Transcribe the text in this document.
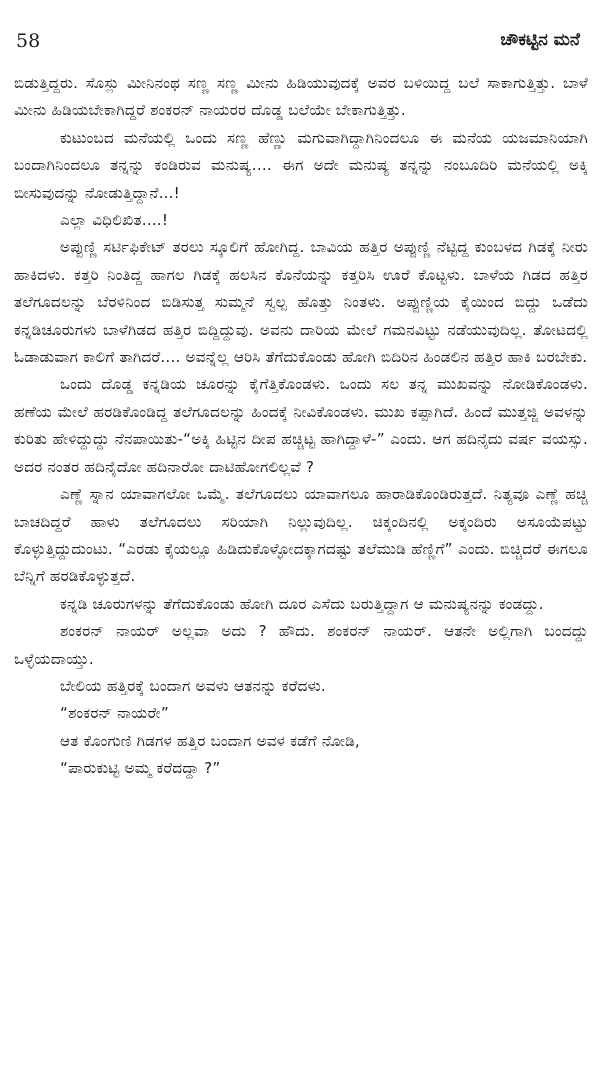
58	ಚೌಕಟ್ಟಿನ ಮನೆ

ಬಿಡುತ್ತಿದ್ದರು. ಸೊಸ್ಲು ಮೀನಿನಂಥ ಸಣ್ಣ ಸಣ್ಣ ಮೀನು ಹಿಡಿಯುವುದಕ್ಕೆ ಅವರ ಬಳಿಯಿದ್ದ ಬಲೆ ಸಾಕಾಗುತ್ತಿತ್ತು. ಬಾಳೆ ಮೀನು ಹಿಡಿಯಬೇಕಾಗಿದ್ದರೆ ಶಂಕರನ್ ನಾಯರರ ದೊಡ್ಡ ಬಲೆಯೇ ಬೇಕಾಗುತ್ತಿತ್ತು.

ಕುಟುಂಬದ ಮನೆಯಲ್ಲಿ ಒಂದು ಸಣ್ಣ ಹೆಣ್ಣು ಮಗುವಾಗಿದ್ದಾಗಿನಿಂದಲೂ ಈ ಮನೆಯ ಯಜಮಾನಿಯಾಗಿ ಬಂದಾಗಿನಿಂದಲೂ ತನ್ನನ್ನು ಕಂಡಿರುವ ಮನುಷ್ಯ.... ಈಗ ಅದೇ ಮನುಷ್ಯ ತನ್ನನ್ನು ನಂಬೂದಿರಿ ಮನೆಯಲ್ಲಿ ಅಕ್ಕಿ ಬೀಸುವುದನ್ನು ನೋಡುತ್ತಿದ್ದಾನೆ...!

ಎಲ್ಲಾ ವಿಧಿಲಿಖಿತ....!

ಅಪ್ಪುಣ್ಣಿ ಸರ್ಟಿಫಿಕೇಟ್ ತರಲು ಸ್ಕೂಲಿಗೆ ಹೋಗಿದ್ದ. ಬಾವಿಯ ಹತ್ತಿರ ಅಪ್ಪುಣ್ಣಿ ನೆಟ್ಟಿದ್ದ ಕುಂಬಳದ ಗಿಡಕ್ಕೆ ನೀರು ಹಾಕಿದಳು. ಕತ್ತರಿ ನಿಂತಿದ್ದ ಹಾಗಲ ಗಿಡಕ್ಕೆ ಹಲಸಿನ ಕೊನೆಯನ್ನು ಕತ್ತರಿಸಿ ಊರೆ ಕೊಟ್ಟಳು. ಬಾಳೆಯ ಗಿಡದ ಹತ್ತಿರ ತಲೆಗೂದಲನ್ನು ಬೆರಳಿನಿಂದ ಬಿಡಿಸುತ್ತ ಸುಮ್ಮನೆ ಸ್ವಲ್ಪ ಹೊತ್ತು ನಿಂತಳು. ಅಪ್ಪುಣ್ಣಿಯ ಕೈಯಿಂದ ಬಿದ್ದು ಒಡೆದು ಕನ್ನಡಿಚೂರುಗಳು ಬಾಳೆಗಿಡದ ಹತ್ತಿರ ಬಿದ್ದಿದ್ದುವು. ಅವನು ದಾರಿಯ ಮೇಲೆ ಗಮನವಿಟ್ಟು ನಡೆಯುವುದಿಲ್ಲ. ತೋಟದಲ್ಲಿ ಓಡಾಡುವಾಗ ಕಾಲಿಗೆ ತಾಗಿದರೆ.... ಅವನ್ನೆಲ್ಲ ಆರಿಸಿ ತೆಗೆದುಕೊಂಡು ಹೋಗಿ ಬಿದಿರಿನ ಹಿಂಡಲಿನ ಹತ್ತಿರ ಹಾಕಿ ಬರಬೇಕು.

ಒಂದು ದೊಡ್ಡ ಕನ್ನಡಿಯ ಚೂರನ್ನು ಕೈಗೆತ್ತಿಕೊಂಡಳು. ಒಂದು ಸಲ ತನ್ನ ಮುಖವನ್ನು ನೋಡಿಕೊಂಡಳು. ಹಣೆಯ ಮೇಲೆ ಹರಡಿಕೊಂಡಿದ್ದ ತಲೆಗೂದಲನ್ನು ಹಿಂದಕ್ಕೆ ನೀವಿಕೊಂಡಳು. ಮುಖ ಕಪ್ಪಾಗಿದೆ. ಹಿಂದೆ ಮುತ್ತಜ್ಜಿ ಅವಳನ್ನು ಕುರಿತು ಹೇಳಿದ್ದುದ್ದು ನೆನಪಾಯಿತು-“ಅಕ್ಕಿ ಹಿಟ್ಟಿನ ದೀಪ ಹಚ್ಚಿಟ್ಟ ಹಾಗಿದ್ದಾಳೆ-” ಎಂದು. ಆಗ ಹದಿನೈದು ವರ್ಷ ವಯಸ್ಸು. ಅದರ ನಂತರ ಹದಿನೈದೋ ಹದಿನಾರೋ ದಾಟಿಹೋಗಲಿಲ್ಲವೆ ?

ಎಣ್ಣೆ ಸ್ನಾನ ಯಾವಾಗಲೋ ಒಮ್ಮೆ. ತಲೆಗೂದಲು ಯಾವಾಗಲೂ ಹಾರಾಡಿಕೊಂಡಿರುತ್ತದೆ. ನಿತ್ಯವೂ ಎಣ್ಣೆ ಹಚ್ಚಿ ಬಾಚದಿದ್ದರೆ ಹಾಳು ತಲೆಗೂದಲು ಸರಿಯಾಗಿ ನಿಲ್ಲುವುದಿಲ್ಲ. ಚಿಕ್ಕಂದಿನಲ್ಲಿ ಅಕ್ಕಂದಿರು ಅಸೂಯೆಪಟ್ಟು ಕೊಳ್ಳುತ್ತಿದ್ದುದುಂಟು. “ಎರಡು ಕೈಯಲ್ಲೂ ಹಿಡಿದುಕೊಳ್ಳೋದಕ್ಕಾಗದಷ್ಟು ತಲೆಮುಡಿ ಹೆಣ್ಣಿಗೆ” ಎಂದು. ಬಿಚ್ಚಿದರೆ ಈಗಲೂ ಬೆನ್ನಿಗೆ ಹರಡಿಕೊಳ್ಳುತ್ತದೆ.

ಕನ್ನಡಿ ಚೂರುಗಳನ್ನು ತೆಗೆದುಕೊಂಡು ಹೋಗಿ ದೂರ ಎಸೆದು ಬರುತ್ತಿದ್ದಾಗ ಆ ಮನುಷ್ಯನನ್ನು ಕಂಡದ್ದು.

ಶಂಕರನ್ ನಾಯರ್ ಅಲ್ಲವಾ ಅದು ? ಹೌದು. ಶಂಕರನ್ ನಾಯರ್. ಆತನೇ ಅಲ್ಲಿಗಾಗಿ ಬಂದದ್ದು ಒಳ್ಳೆಯದಾಯ್ತು.

ಬೇಲಿಯ ಹತ್ತಿರಕ್ಕೆ ಬಂದಾಗ ಅವಳು ಆತನನ್ನು ಕರೆದಳು.

“ಶಂಕರನ್ ನಾಯರೇ”

ಆತ ಕೊಂಗುಣಿ ಗಿಡಗಳ ಹತ್ತಿರ ಬಂದಾಗ ಅವಳ ಕಡೆಗೆ ನೋಡಿ,

“ಪಾರುಕುಟ್ಟಿ ಅಮ್ಮ ಕರೆದದ್ದಾ ?”
